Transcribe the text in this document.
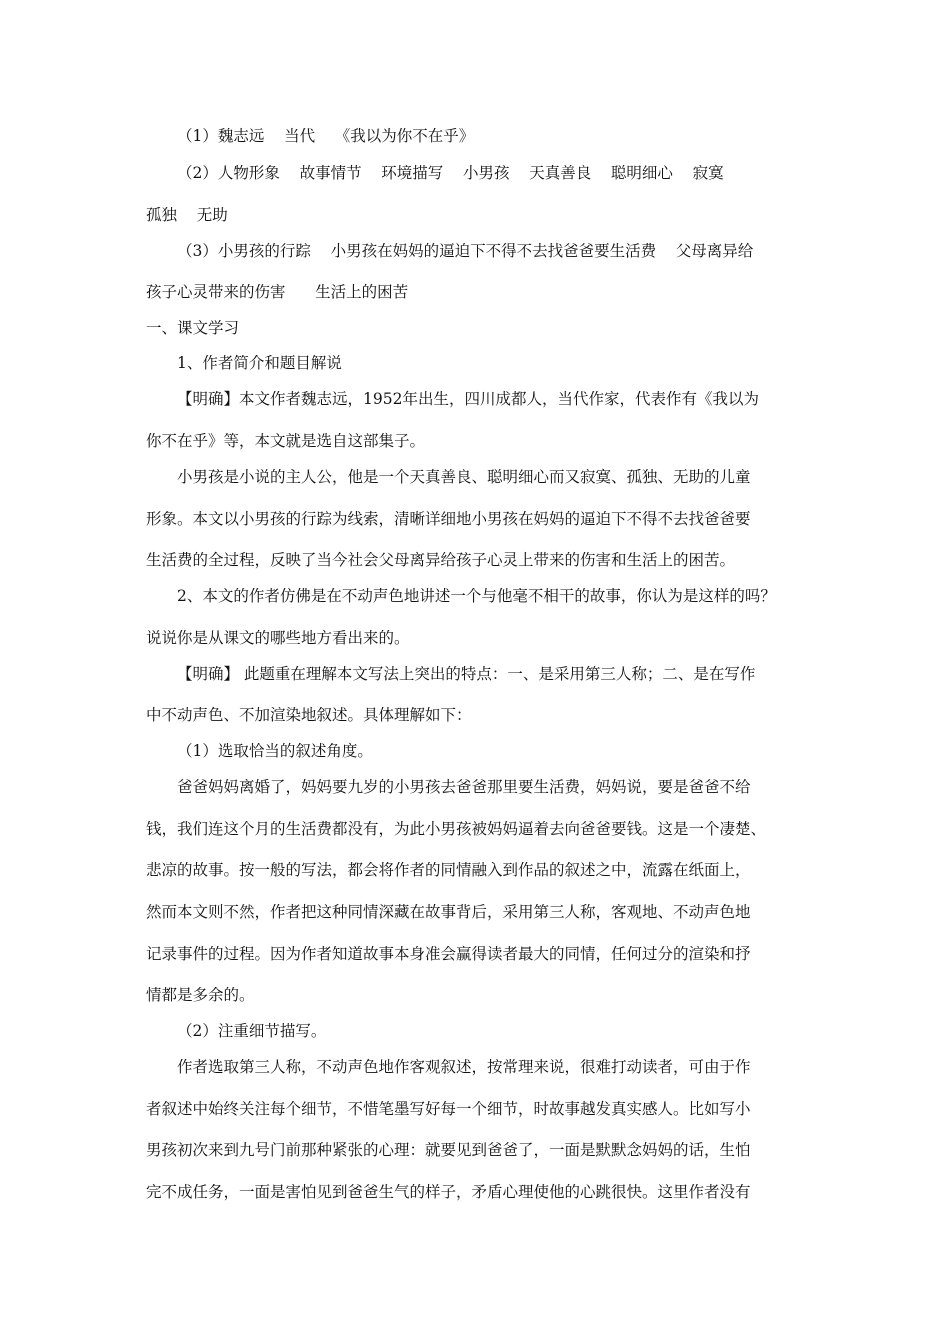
（1）魏志远    当代    《我以为你不在乎》

（2）人物形象    故事情节    环境描写    小男孩    天真善良    聪明细心    寂寞

孤独    无助

（3）小男孩的行踪    小男孩在妈妈的逼迫下不得不去找爸爸要生活费    父母离异给

孩子心灵带来的伤害      生活上的困苦

一、课文学习

1、作者简介和题目解说

【明确】本文作者魏志远，1952年出生，四川成都人，当代作家，代表作有《我以为

你不在乎》等，本文就是选自这部集子。

小男孩是小说的主人公，他是一个天真善良、聪明细心而又寂寞、孤独、无助的儿童

形象。本文以小男孩的行踪为线索，清晰详细地小男孩在妈妈的逼迫下不得不去找爸爸要

生活费的全过程，反映了当今社会父母离异给孩子心灵上带来的伤害和生活上的困苦。

2、本文的作者仿佛是在不动声色地讲述一个与他毫不相干的故事，你认为是这样的吗？

说说你是从课文的哪些地方看出来的。

【明确】 此题重在理解本文写法上突出的特点：一、是采用第三人称；二、是在写作

中不动声色、不加渲染地叙述。具体理解如下：

（1）选取恰当的叙述角度。

爸爸妈妈离婚了，妈妈要九岁的小男孩去爸爸那里要生活费，妈妈说，要是爸爸不给

钱，我们连这个月的生活费都没有，为此小男孩被妈妈逼着去向爸爸要钱。这是一个凄楚、

悲凉的故事。按一般的写法，都会将作者的同情融入到作品的叙述之中，流露在纸面上，

然而本文则不然，作者把这种同情深藏在故事背后，采用第三人称，客观地、不动声色地

记录事件的过程。因为作者知道故事本身准会赢得读者最大的同情，任何过分的渲染和抒

情都是多余的。

（2）注重细节描写。

作者选取第三人称，不动声色地作客观叙述，按常理来说，很难打动读者，可由于作

者叙述中始终关注每个细节，不惜笔墨写好每一个细节，时故事越发真实感人。比如写小

男孩初次来到九号门前那种紧张的心理：就要见到爸爸了，一面是默默念妈妈的话，生怕

完不成任务，一面是害怕见到爸爸生气的样子，矛盾心理使他的心跳很快。这里作者没有
